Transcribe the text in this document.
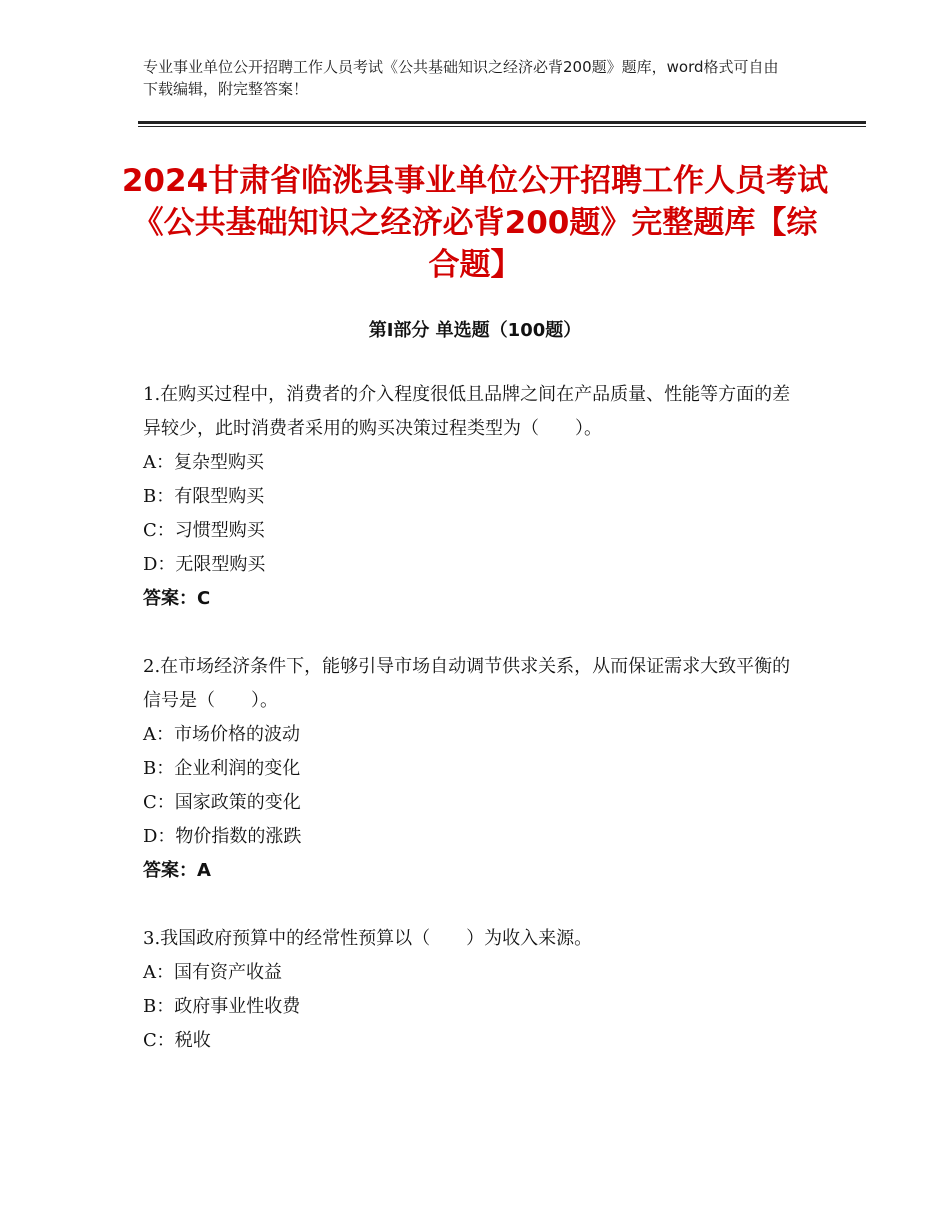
专业事业单位公开招聘工作人员考试《公共基础知识之经济必背200题》题库，word格式可自由下载编辑，附完整答案！
2024甘肃省临洮县事业单位公开招聘工作人员考试《公共基础知识之经济必背200题》完整题库【综合题】
第Ⅰ部分 单选题（100题）
1.在购买过程中，消费者的介入程度很低且品牌之间在产品质量、性能等方面的差异较少，此时消费者采用的购买决策过程类型为（　　）。
A：复杂型购买
B：有限型购买
C：习惯型购买
D：无限型购买
答案：C
2.在市场经济条件下，能够引导市场自动调节供求关系，从而保证需求大致平衡的信号是（　　）。
A：市场价格的波动
B：企业利润的变化
C：国家政策的变化
D：物价指数的涨跌
答案：A
3.我国政府预算中的经常性预算以（　　）为收入来源。
A：国有资产收益
B：政府事业性收费
C：税收
